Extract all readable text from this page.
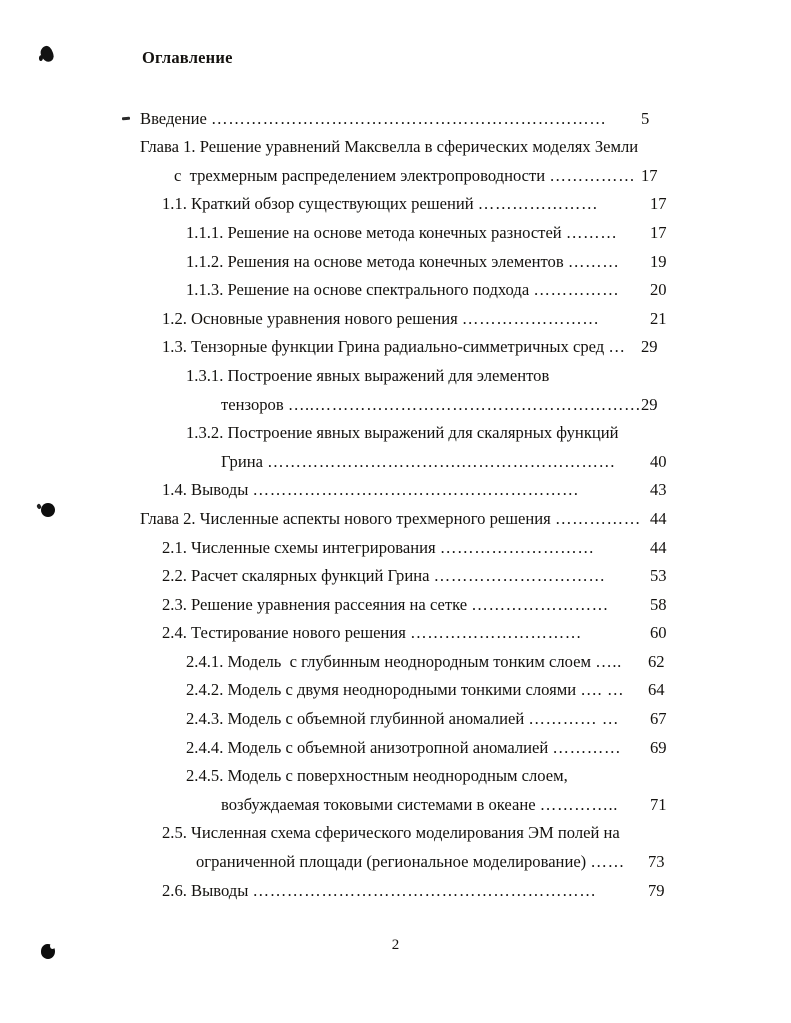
Оглавление
Введение …………………………………………………………… 5
Глава 1. Решение уравнений Максвелла в сферических моделях Земли
с  трехмерным распределением электропроводности …………… 17
1.1. Краткий обзор существующих решений …………………	17
1.1.1. Решение на основе метода конечных разностей ……… 17
1.1.2. Решения на основе метода конечных элементов ……… 19
1.1.3. Решение на основе спектрального подхода …………… 20
1.2. Основные уравнения нового решения ……………………	21
1.3. Тензорные функции Грина радиально-симметричных сред … 29
1.3.1. Построение явных выражений для элементов
тензоров …..………………………………………………… 29
1.3.2. Построение явных выражений для скалярных функций
Грина …………………………….……………………… 40
1.4. Выводы …………………………………………………	43
Глава 2. Численные аспекты нового трехмерного решения …………… 44
2.1. Численные схемы интегрирования ………………………	44
2.2. Расчет скалярных функций Грина …………………………	53
2.3. Решение уравнения рассеяния на сетке …………………… 58
2.4. Тестирование нового решения …………………………	60
2.4.1. Модель  с глубинным неоднородным тонким слоем ….. 62
2.4.2. Модель с двумя неоднородными тонкими слоями …. … 64
2.4.3. Модель с объемной глубинной аномалией ………… … 67
2.4.4. Модель с объемной анизотропной аномалией ………… 69
2.4.5. Модель с поверхностным неоднородным слоем,
возбуждаемая токовыми системами в океане ………….. 71
2.5. Численная схема сферического моделирования ЭМ полей на
ограниченной площади (региональное моделирование) …… 73
2.6. Выводы ……………………………………………………	79
2
